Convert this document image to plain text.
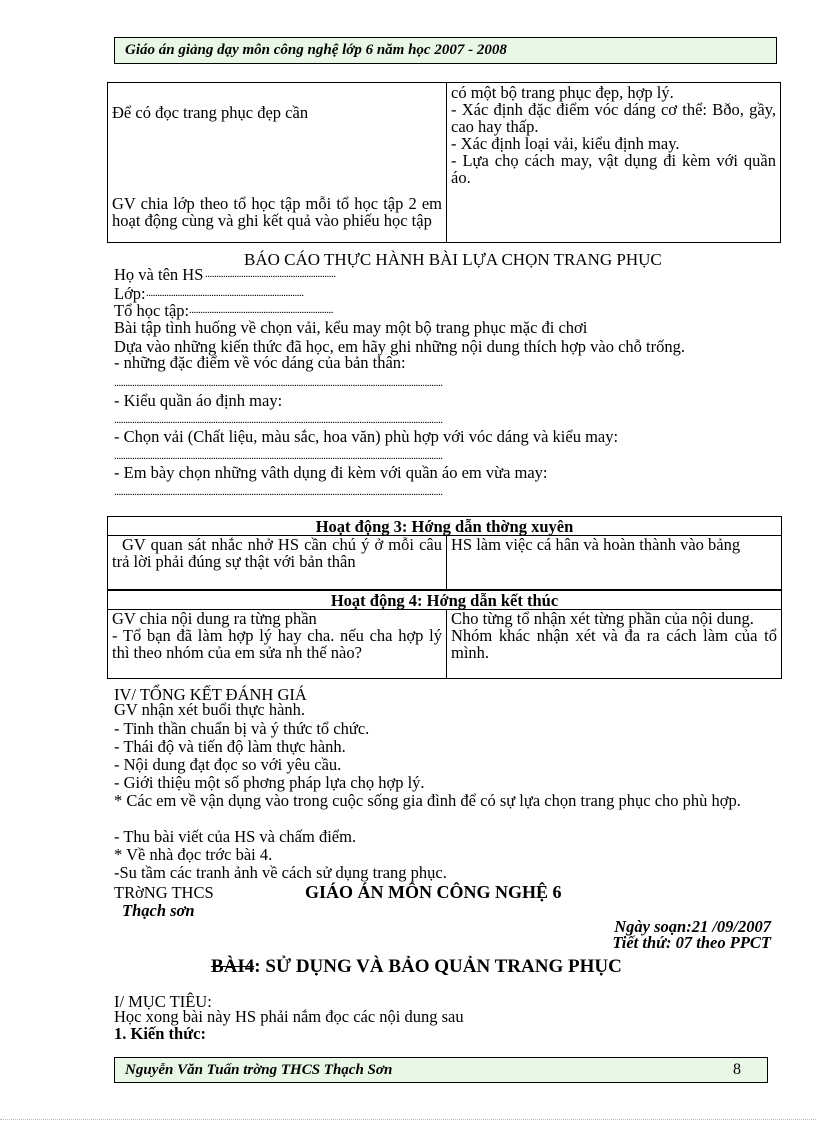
Giáo án giảng dạy môn công nghệ lớp 6 năm học 2007 - 2008
Để có đọc trang phục đẹp cần
GV chia lớp theo tổ học tập mỗi tổ học tập 2 em hoạt động cùng và ghi kết quả vào phiếu học tập
có một bộ trang phục đẹp, hợp lý.
- Xác định đặc điểm vóc dáng cơ thể: Bðo, gầy, cao hay thấp.
- Xác định loại vải, kiểu định may.
- Lựa chọ cách may, vật dụng đi kèm với quần áo.
BÁO CÁO THỰC HÀNH BÀI LỰA CHỌN TRANG PHỤC
Họ và tên HS ..........................................................
Lớp: ......................................................................
Tổ học tập: ................................................................
Bài tập tình huống về chọn vải, kểu may một bộ trang phục mặc đi chơi
Dựa vào những kiến thức đã học, em hãy ghi những nội dung thích hợp vào chỗ trống.
- những đặc điểm về vóc dáng của bản thân:
..................................................................................................................................................
- Kiểu quần áo định may:
..................................................................................................................................................
- Chọn vải (Chất liệu, màu sắc, hoa văn) phù hợp với vóc dáng và kiểu may:
..................................................................................................................................................
- Em bày chọn những vâth dụng đi kèm với quần áo em vừa may:
..................................................................................................................................................
Hoạt động 3: Hớng dẫn thờng xuyên
GV quan sát nhắc nhở HS cần chú ý ở mỗi câu trả lời phải đúng sự thật với bản thân
HS làm việc cá hân và hoàn thành vào bảng
Hoạt động 4: Hớng dẫn kết thúc
GV chia nội dung ra từng phần
- Tổ bạn đã làm hợp lý hay cha. nếu cha hợp lý thì theo nhóm của em sửa nh thế nào?
Cho từng tổ nhận xét từng phần của nội dung.
Nhóm khác nhận xét và đa ra cách làm của tổ mình.
IV/ TỔNG KẾT ĐÁNH GIÁ
GV nhận xét buổi thực hành.
- Tinh thần chuẩn bị và ý thức tổ chức.
- Thái độ và tiến độ làm thực hành.
- Nội dung đạt đọc so với yêu cầu.
- Giới thiệu một số phơng pháp lựa chọ hợp lý.
* Các em về vận dụng vào trong cuộc sống gia đình để có sự lựa chọn trang phục cho phù hợp.
- Thu bài viết của HS và chấm điểm.
* Về nhà đọc trớc bài 4.
-Su tầm các tranh ảnh về cách sử dụng trang phục.
TRờNG THCS
Thạch sơn
GIÁO ÁN MÔN CÔNG NGHỆ 6
Ngày soạn:21 /09/2007
Tiết thứ: 07 theo PPCT
BÀI4: SỬ DỤNG VÀ BẢO QUẢN TRANG PHỤC
I/ MỤC TIÊU:
Học xong bài này HS phải nắm đọc các nội dung sau
1. Kiến thức:
Nguyễn Văn Tuấn trờng THCS Thạch Sơn	8
